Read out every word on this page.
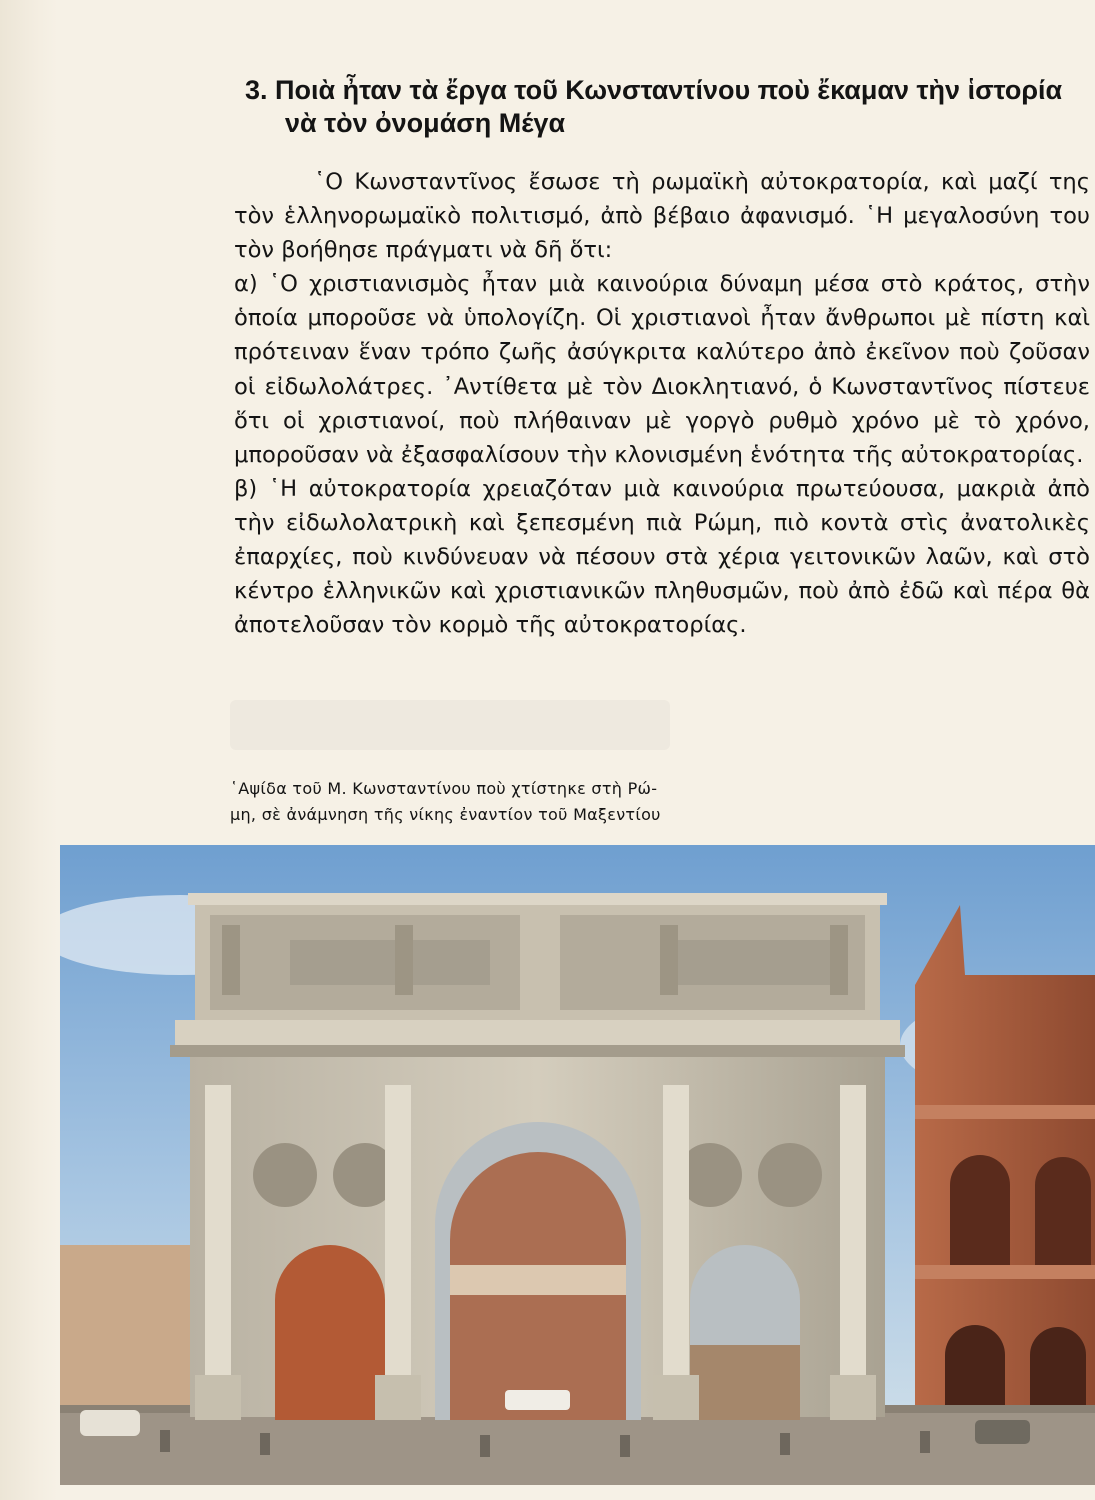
3. Ποιὰ ἦταν τὰ ἔργα τοῦ Κωνσταντίνου ποὺ ἔκαμαν τὴν ἱστορία
νὰ τὸν ὀνομάση Μέγα

῾Ο Κωνσταντῖνος ἔσωσε τὴ ρωμαϊκὴ αὐτοκρατορία, καὶ μαζί της τὸν ἑλληνορωμαϊκὸ πολιτισμό, ἀπὸ βέβαιο ἀφανισμό. ῾Η μεγαλοσύνη του τὸν βοήθησε πράγματι νὰ δῆ ὅτι:

α) ῾Ο χριστιανισμὸς ἦταν μιὰ καινούρια δύναμη μέσα στὸ κράτος, στὴν ὁποία μποροῦσε νὰ ὑπολογίζη. Οἱ χριστιανοὶ ἦταν ἄνθρωποι μὲ πίστη καὶ πρότειναν ἕναν τρόπο ζωῆς ἀσύγκριτα καλύτερο ἀπὸ ἐκεῖνον ποὺ ζοῦσαν οἱ εἰδωλολάτρες. ᾿Αντίθετα μὲ τὸν Διοκλητιανό, ὁ Κωνσταντῖνος πίστευε ὅτι οἱ χριστιανοί, ποὺ πλήθαιναν μὲ γοργὸ ρυθμὸ χρόνο μὲ τὸ χρόνο, μποροῦσαν νὰ ἐξασφαλίσουν τὴν κλονισμένη ἑνότητα τῆς αὐτοκρατορίας.

β) ῾Η αὐτοκρατορία χρειαζόταν μιὰ καινούρια πρωτεύουσα, μακριὰ ἀπὸ τὴν εἰδωλολατρικὴ καὶ ξεπεσμένη πιὰ Ρώμη, πιὸ κοντὰ στὶς ἀνατολικὲς ἐπαρχίες, ποὺ κινδύνευαν νὰ πέσουν στὰ χέρια γειτονικῶν λαῶν, καὶ στὸ κέντρο ἑλληνικῶν καὶ χριστιανικῶν πληθυσμῶν, ποὺ ἀπὸ ἐδῶ καὶ πέρα θὰ ἀποτελοῦσαν τὸν κορμὸ τῆς αὐτοκρατορίας.

῾Αψίδα τοῦ Μ. Κωνσταντίνου ποὺ χτίστηκε στὴ Ρώ-
μη, σὲ ἀνάμνηση τῆς νίκης ἐναντίον τοῦ Μαξεντίου
